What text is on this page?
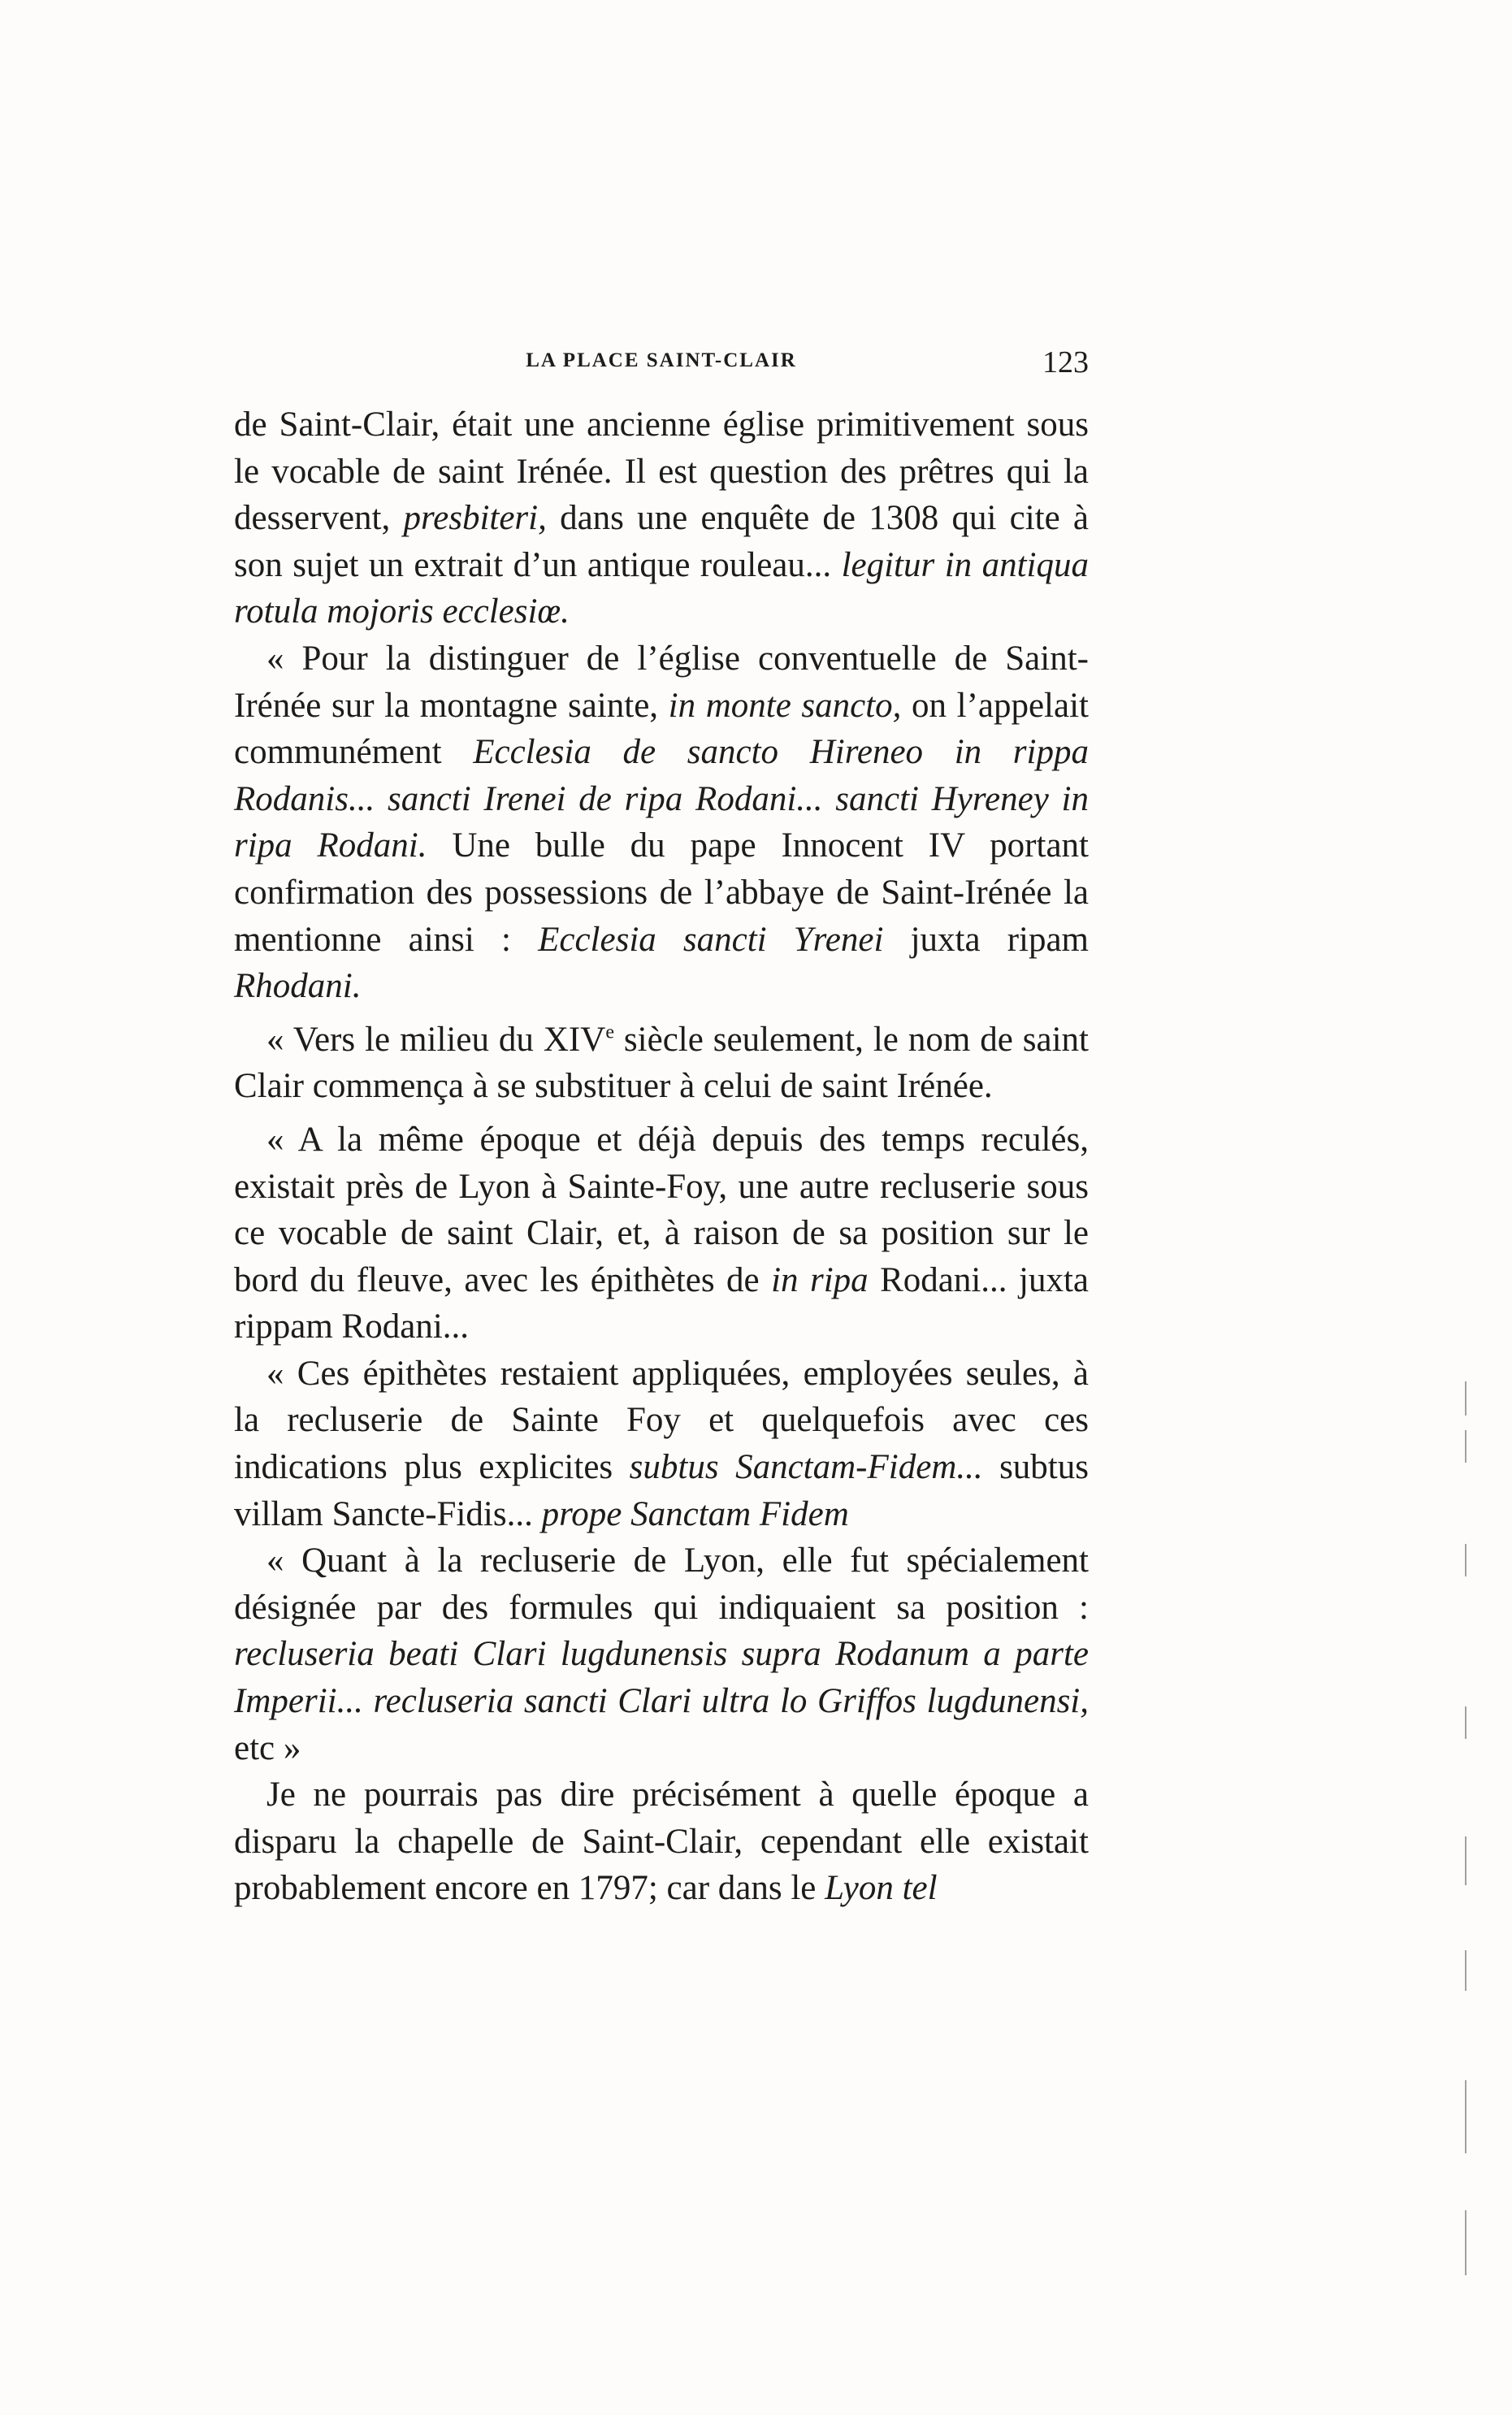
LA PLACE SAINT-CLAIR	123

de Saint-Clair, était une ancienne église primitivement sous le vocable de saint Irénée. Il est question des prêtres qui la desservent, presbiteri, dans une enquête de 1308 qui cite à son sujet un extrait d’un antique rouleau... legitur in antiqua rotula mojoris ecclesiœ.

« Pour la distinguer de l’église conventuelle de Saint-Irénée sur la montagne sainte, in monte sancto, on l’appelait communément Ecclesia de sancto Hireneo in rippa Rodanis... sancti Irenei de ripa Rodani... sancti Hyreney in ripa Rodani. Une bulle du pape Innocent IV portant confirmation des possessions de l’abbaye de Saint-Irénée la mentionne ainsi : Ecclesia sancti Yrenei juxta ripam Rhodani.

« Vers le milieu du XIVe siècle seulement, le nom de saint Clair commença à se substituer à celui de saint Irénée.

« A la même époque et déjà depuis des temps reculés, existait près de Lyon à Sainte-Foy, une autre recluserie sous ce vocable de saint Clair, et, à raison de sa position sur le bord du fleuve, avec les épithètes de in ripa Rodani... juxta rippam Rodani...

« Ces épithètes restaient appliquées, employées seules, à la recluserie de Sainte Foy et quelquefois avec ces indications plus explicites subtus Sanctam-Fidem... subtus villam Sancte-Fidis... prope Sanctam Fidem

« Quant à la recluserie de Lyon, elle fut spécialement désignée par des formules qui indiquaient sa position : recluseria beati Clari lugdunensis supra Rodanum a parte Imperii... recluseria sancti Clari ultra lo Griffos lugdunensi, etc »

Je ne pourrais pas dire précisément à quelle époque a disparu la chapelle de Saint-Clair, cependant elle existait probablement encore en 1797; car dans le Lyon tel
